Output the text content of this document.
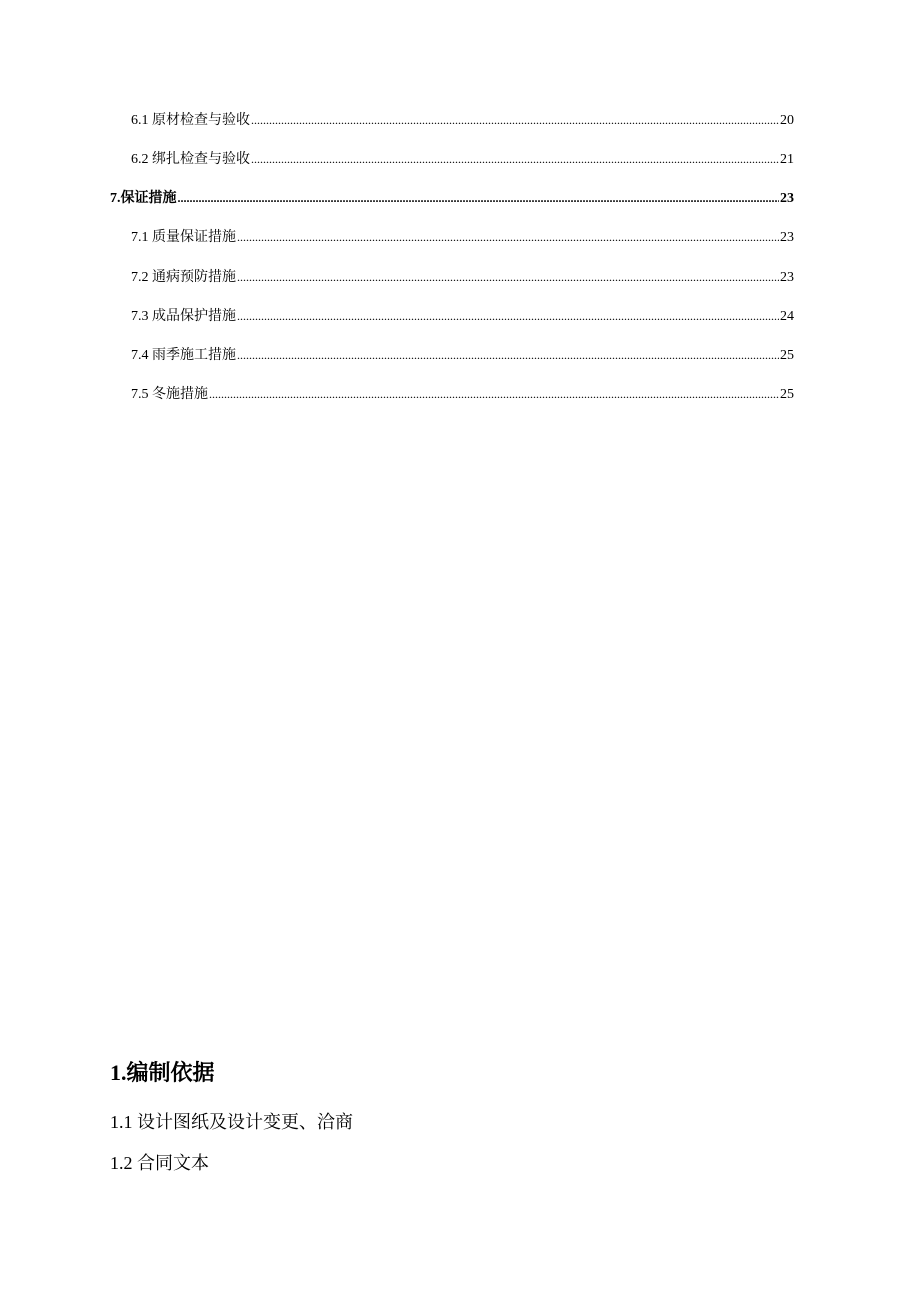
6.1 原材检查与验收 .....	20
6.2 绑扎检查与验收 .....	21
7.保证措施 .....	23
7.1 质量保证措施 .....	23
7.2 通病预防措施 .....	23
7.3 成品保护措施 .....	24
7.4 雨季施工措施 .....	25
7.5 冬施措施 .....	25
1.编制依据
1.1 设计图纸及设计变更、洽商
1.2 合同文本
